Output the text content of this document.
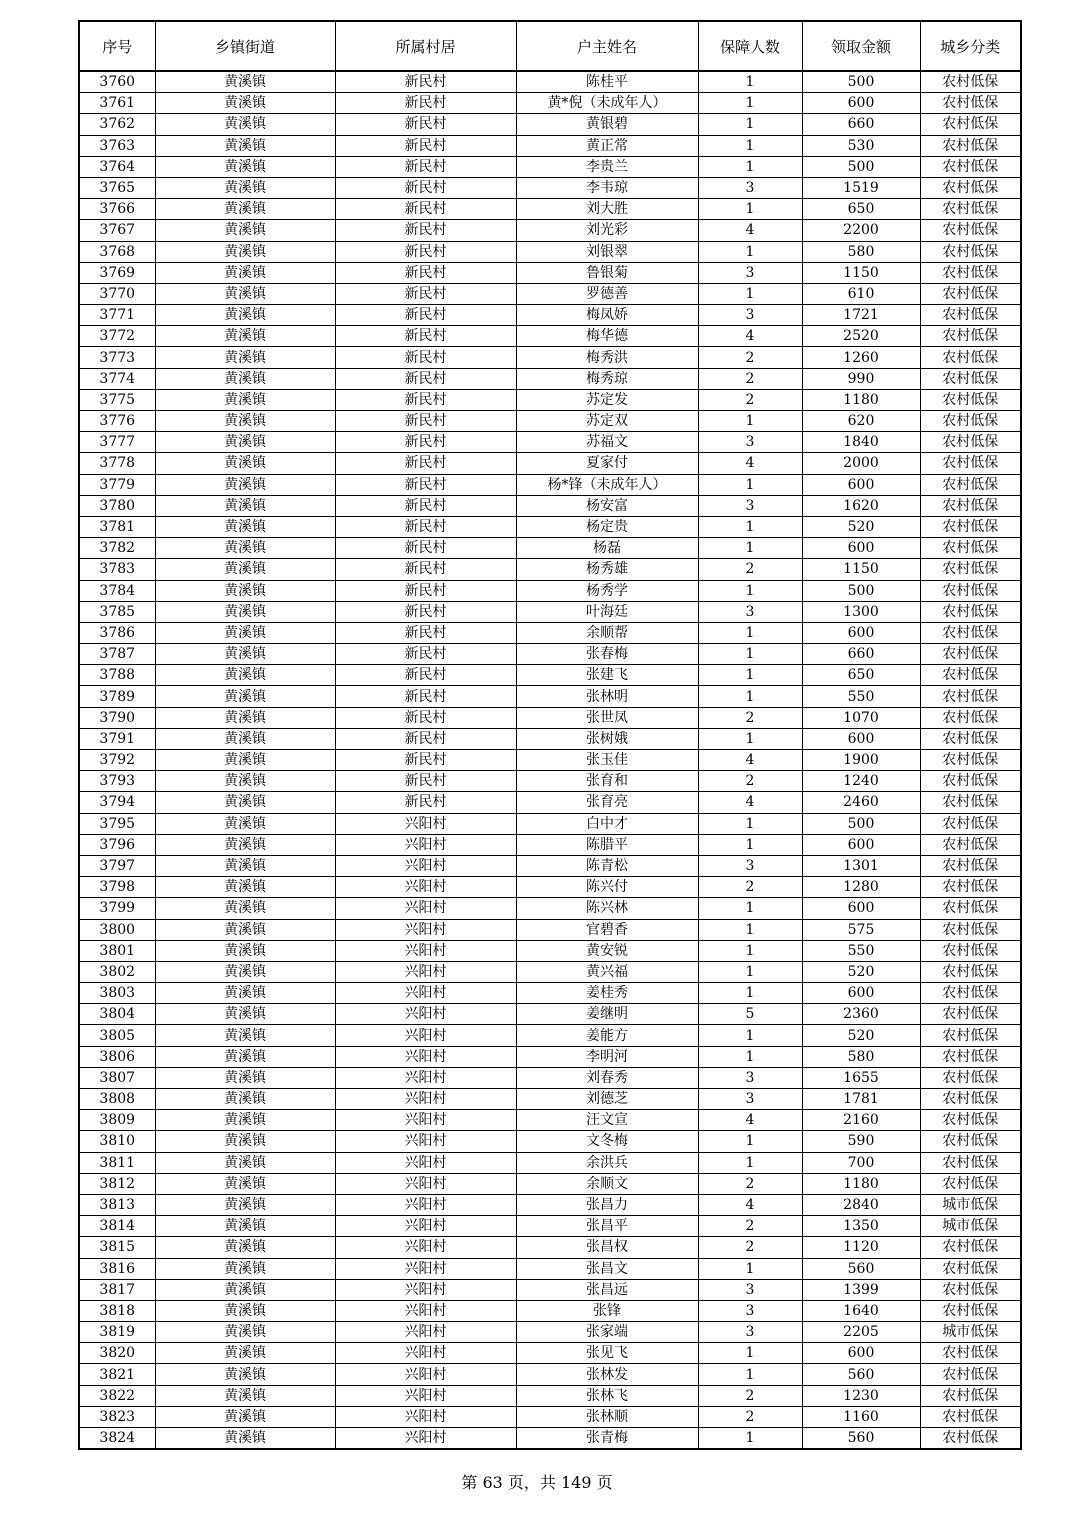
序号	乡镇街道	所属村居	户主姓名	保障人数	领取金额	城乡分类
3760	黄溪镇	新民村	陈桂平	1	500	农村低保
3761	黄溪镇	新民村	黄*倪（未成年人）	1	600	农村低保
3762	黄溪镇	新民村	黄银碧	1	660	农村低保
3763	黄溪镇	新民村	黄正常	1	530	农村低保
3764	黄溪镇	新民村	李贵兰	1	500	农村低保
3765	黄溪镇	新民村	李韦琼	3	1519	农村低保
3766	黄溪镇	新民村	刘大胜	1	650	农村低保
3767	黄溪镇	新民村	刘光彩	4	2200	农村低保
3768	黄溪镇	新民村	刘银翠	1	580	农村低保
3769	黄溪镇	新民村	鲁银菊	3	1150	农村低保
3770	黄溪镇	新民村	罗德善	1	610	农村低保
3771	黄溪镇	新民村	梅凤娇	3	1721	农村低保
3772	黄溪镇	新民村	梅华德	4	2520	农村低保
3773	黄溪镇	新民村	梅秀洪	2	1260	农村低保
3774	黄溪镇	新民村	梅秀琼	2	990	农村低保
3775	黄溪镇	新民村	苏定发	2	1180	农村低保
3776	黄溪镇	新民村	苏定双	1	620	农村低保
3777	黄溪镇	新民村	苏福文	3	1840	农村低保
3778	黄溪镇	新民村	夏家付	4	2000	农村低保
3779	黄溪镇	新民村	杨*锋（未成年人）	1	600	农村低保
3780	黄溪镇	新民村	杨安富	3	1620	农村低保
3781	黄溪镇	新民村	杨定贵	1	520	农村低保
3782	黄溪镇	新民村	杨磊	1	600	农村低保
3783	黄溪镇	新民村	杨秀雄	2	1150	农村低保
3784	黄溪镇	新民村	杨秀学	1	500	农村低保
3785	黄溪镇	新民村	叶海廷	3	1300	农村低保
3786	黄溪镇	新民村	余顺帮	1	600	农村低保
3787	黄溪镇	新民村	张春梅	1	660	农村低保
3788	黄溪镇	新民村	张建飞	1	650	农村低保
3789	黄溪镇	新民村	张林明	1	550	农村低保
3790	黄溪镇	新民村	张世凤	2	1070	农村低保
3791	黄溪镇	新民村	张树娥	1	600	农村低保
3792	黄溪镇	新民村	张玉佳	4	1900	农村低保
3793	黄溪镇	新民村	张育和	2	1240	农村低保
3794	黄溪镇	新民村	张育亮	4	2460	农村低保
3795	黄溪镇	兴阳村	白中才	1	500	农村低保
3796	黄溪镇	兴阳村	陈腊平	1	600	农村低保
3797	黄溪镇	兴阳村	陈青松	3	1301	农村低保
3798	黄溪镇	兴阳村	陈兴付	2	1280	农村低保
3799	黄溪镇	兴阳村	陈兴林	1	600	农村低保
3800	黄溪镇	兴阳村	官碧香	1	575	农村低保
3801	黄溪镇	兴阳村	黄安锐	1	550	农村低保
3802	黄溪镇	兴阳村	黄兴福	1	520	农村低保
3803	黄溪镇	兴阳村	姜桂秀	1	600	农村低保
3804	黄溪镇	兴阳村	姜继明	5	2360	农村低保
3805	黄溪镇	兴阳村	姜能方	1	520	农村低保
3806	黄溪镇	兴阳村	李明河	1	580	农村低保
3807	黄溪镇	兴阳村	刘春秀	3	1655	农村低保
3808	黄溪镇	兴阳村	刘德芝	3	1781	农村低保
3809	黄溪镇	兴阳村	汪文宣	4	2160	农村低保
3810	黄溪镇	兴阳村	文冬梅	1	590	农村低保
3811	黄溪镇	兴阳村	余洪兵	1	700	农村低保
3812	黄溪镇	兴阳村	余顺文	2	1180	农村低保
3813	黄溪镇	兴阳村	张昌力	4	2840	城市低保
3814	黄溪镇	兴阳村	张昌平	2	1350	城市低保
3815	黄溪镇	兴阳村	张昌权	2	1120	农村低保
3816	黄溪镇	兴阳村	张昌文	1	560	农村低保
3817	黄溪镇	兴阳村	张昌远	3	1399	农村低保
3818	黄溪镇	兴阳村	张锋	3	1640	农村低保
3819	黄溪镇	兴阳村	张家端	3	2205	城市低保
3820	黄溪镇	兴阳村	张见飞	1	600	农村低保
3821	黄溪镇	兴阳村	张林发	1	560	农村低保
3822	黄溪镇	兴阳村	张林飞	2	1230	农村低保
3823	黄溪镇	兴阳村	张林顺	2	1160	农村低保
3824	黄溪镇	兴阳村	张青梅	1	560	农村低保
第 63 页，共 149 页
